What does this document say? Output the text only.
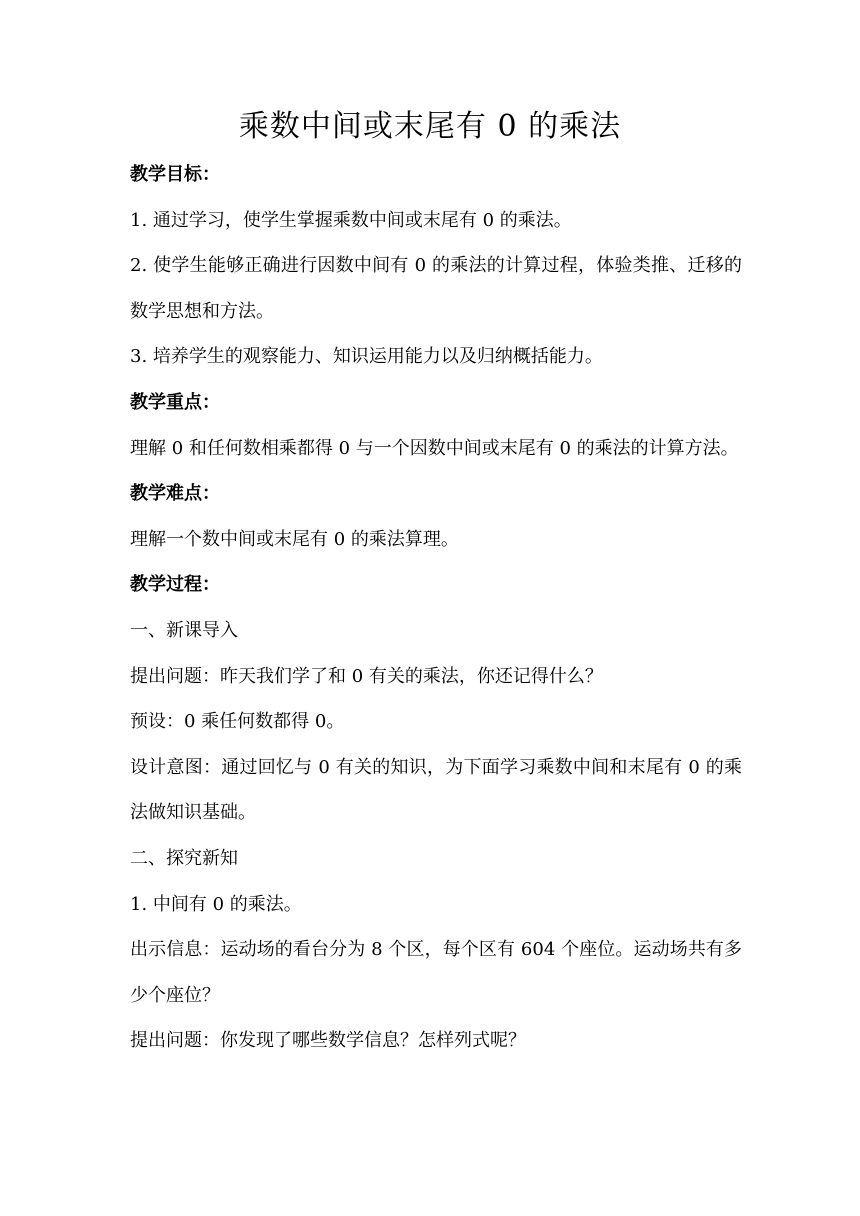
乘数中间或末尾有 0 的乘法

教学目标：

1. 通过学习，使学生掌握乘数中间或末尾有 0 的乘法。

2. 使学生能够正确进行因数中间有 0 的乘法的计算过程，体验类推、迁移的数学思想和方法。

3. 培养学生的观察能力、知识运用能力以及归纳概括能力。

教学重点：

理解 0 和任何数相乘都得 0 与一个因数中间或末尾有 0 的乘法的计算方法。

教学难点：

理解一个数中间或末尾有 0 的乘法算理。

教学过程：

一、新课导入

提出问题：昨天我们学了和 0 有关的乘法，你还记得什么？

预设：0 乘任何数都得 0。

设计意图：通过回忆与 0 有关的知识，为下面学习乘数中间和末尾有 0 的乘法做知识基础。

二、探究新知

1. 中间有 0 的乘法。

出示信息：运动场的看台分为 8 个区，每个区有 604 个座位。运动场共有多少个座位？

提出问题：你发现了哪些数学信息？怎样列式呢？
